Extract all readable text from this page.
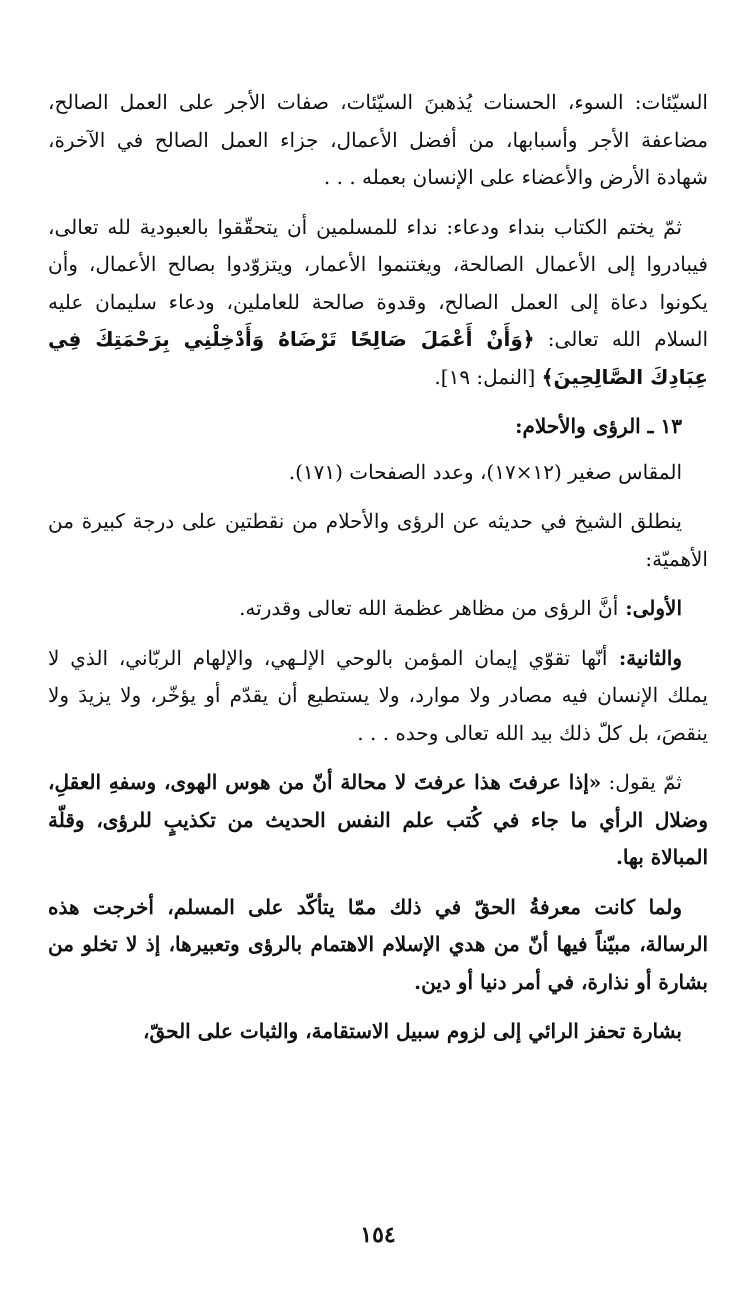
السيّئات: السوء، الحسنات يُذهبنَ السيّئات، صفات الأجر على العمل الصالح، مضاعفة الأجر وأسبابها، من أفضل الأعمال، جزاء العمل الصالح في الآخرة، شهادة الأرض والأعضاء على الإنسان بعمله . . .

ثمّ يختم الكتاب بنداء ودعاء: نداء للمسلمين أن يتحقّقوا بالعبودية لله تعالى، فيبادروا إلى الأعمال الصالحة، ويغتنموا الأعمار، ويتزوّدوا بصالح الأعمال، وأن يكونوا دعاة إلى العمل الصالح، وقدوة صالحة للعاملين، ودعاء سليمان عليه السلام الله تعالى: ﴿وَأَنْ أَعْمَلَ صَالِحًا تَرْضَاهُ وَأَدْخِلْنِي بِرَحْمَتِكَ فِي عِبَادِكَ الصَّالِحِينَ﴾ [النمل: ١٩].

١٣ ـ الرؤى والأحلام:

المقاس صغير (١٢×١٧)، وعدد الصفحات (١٧١).

ينطلق الشيخ في حديثه عن الرؤى والأحلام من نقطتين على درجة كبيرة من الأهميّة:

الأولى: أنَّ الرؤى من مظاهر عظمة الله تعالى وقدرته.

والثانية: أنّها تقوّي إيمان المؤمن بالوحي الإلـهي، والإلهام الربّاني، الذي لا يملك الإنسان فيه مصادر ولا موارد، ولا يستطيع أن يقدّم أو يؤخّر، ولا يزيدَ ولا ينقصَ، بل كلّ ذلك بيد الله تعالى وحده . . .

ثمّ يقول: «إذا عرفتَ هذا عرفتَ لا محالة أنّ من هوس الهوى، وسفهِ العقلِ، وضلال الرأي ما جاء في كُتب علم النفس الحديث من تكذيبٍ للرؤى، وقلّة المبالاة بها.

ولما كانت معرفةُ الحقّ في ذلك ممّا يتأكّد على المسلم، أخرجت هذه الرسالة، مبيّناً فيها أنّ من هدي الإسلام الاهتمام بالرؤى وتعبيرها، إذ لا تخلو من بشارة أو نذارة، في أمر دنيا أو دين.

بشارة تحفز الرائي إلى لزوم سبيل الاستقامة، والثبات على الحقّ،

١٥٤
